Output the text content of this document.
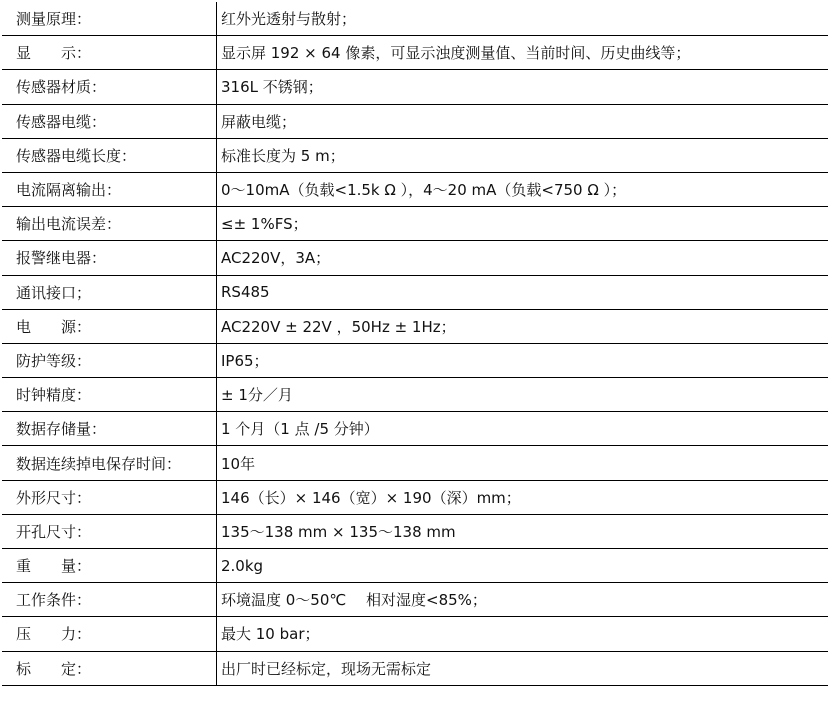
测量原理：	红外光透射与散射；
显　　示：	显示屏 192 × 64 像素，可显示浊度测量值、当前时间、历史曲线等；
传感器材质：	316L 不锈钢；
传感器电缆：	屏蔽电缆；
传感器电缆长度：	标准长度为 5 m；
电流隔离输出：	0～10mA（负载<1.5k Ω ），4～20 mA（负载<750 Ω ）；
输出电流误差：	≤± 1%FS；
报警继电器：	AC220V，3A；
通讯接口；	RS485
电　　源：	AC220V ± 22V ，50Hz ± 1Hz；
防护等级：	IP65；
时钟精度：	± 1分／月
数据存储量：	1 个月（1 点 /5 分钟）
数据连续掉电保存时间：	10年
外形尺寸：	146（长）× 146（宽）× 190（深）mm；
开孔尺寸：	135～138 mm × 135～138 mm
重　　量：	2.0kg
工作条件：	环境温度 0～50℃　 相对湿度<85%；
压　　力：	最大 10 bar；
标　　定：	出厂时已经标定，现场无需标定
